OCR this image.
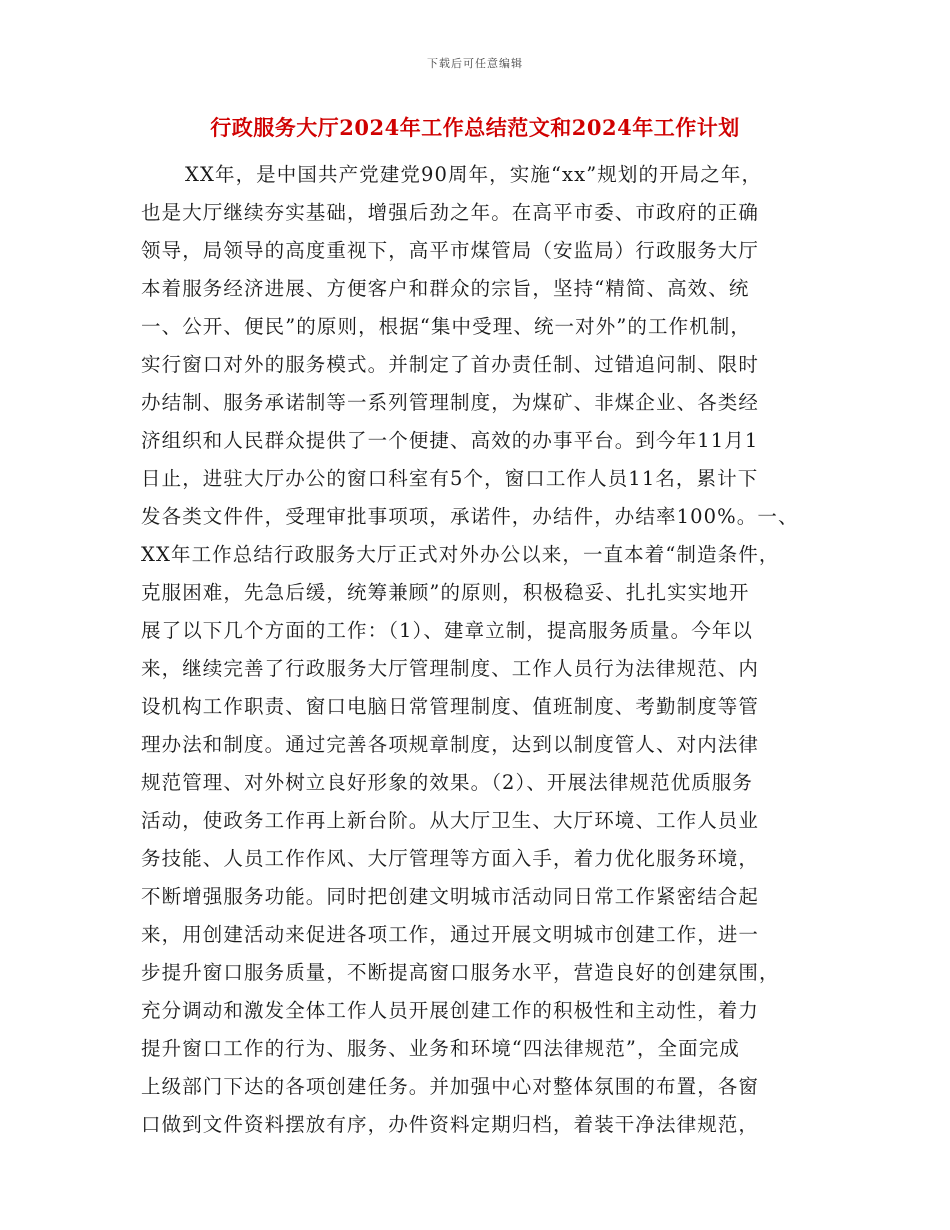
下载后可任意编辑
行政服务大厅2024年工作总结范文和2024年工作计划
XX年，是中国共产党建党90周年，实施“xx”规划的开局之年，
也是大厅继续夯实基础，增强后劲之年。在高平市委、市政府的正确
领导，局领导的高度重视下，高平市煤管局（安监局）行政服务大厅
本着服务经济进展、方便客户和群众的宗旨，坚持“精简、高效、统
一、公开、便民”的原则，根据“集中受理、统一对外”的工作机制，
实行窗口对外的服务模式。并制定了首办责任制、过错追问制、限时
办结制、服务承诺制等一系列管理制度，为煤矿、非煤企业、各类经
济组织和人民群众提供了一个便捷、高效的办事平台。到今年11月1
日止，进驻大厅办公的窗口科室有5个，窗口工作人员11名，累计下
发各类文件件，受理审批事项项，承诺件，办结件，办结率100%。一、
XX年工作总结行政服务大厅正式对外办公以来，一直本着“制造条件，
克服困难，先急后缓，统筹兼顾”的原则，积极稳妥、扎扎实实地开
展了以下几个方面的工作：（1）、建章立制，提高服务质量。今年以
来，继续完善了行政服务大厅管理制度、工作人员行为法律规范、内
设机构工作职责、窗口电脑日常管理制度、值班制度、考勤制度等管
理办法和制度。通过完善各项规章制度，达到以制度管人、对内法律
规范管理、对外树立良好形象的效果。（2）、开展法律规范优质服务
活动，使政务工作再上新台阶。从大厅卫生、大厅环境、工作人员业
务技能、人员工作作风、大厅管理等方面入手，着力优化服务环境，
不断增强服务功能。同时把创建文明城市活动同日常工作紧密结合起
来，用创建活动来促进各项工作，通过开展文明城市创建工作，进一
步提升窗口服务质量，不断提高窗口服务水平，营造良好的创建氛围，
充分调动和激发全体工作人员开展创建工作的积极性和主动性，着力
提升窗口工作的行为、服务、业务和环境“四法律规范”，全面完成
上级部门下达的各项创建任务。并加强中心对整体氛围的布置，各窗
口做到文件资料摆放有序，办件资料定期归档，着装干净法律规范，
